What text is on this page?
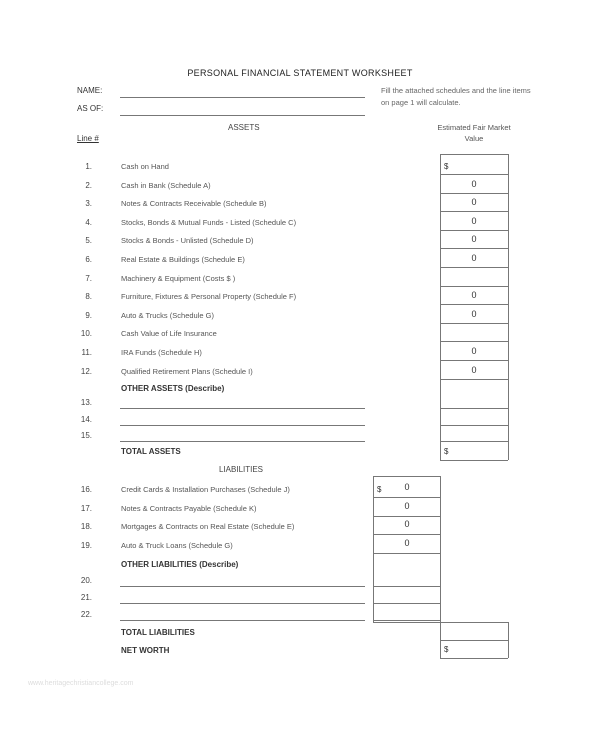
PERSONAL FINANCIAL STATEMENT WORKSHEET
NAME:
AS OF:
Fill the attached schedules and the line items on page 1 will calculate.
Line #
ASSETS	Estimated Fair Market Value
1.	Cash on Hand	$
2.	Cash in Bank (Schedule A)	0
3.	Notes & Contracts Receivable (Schedule B)	0
4.	Stocks, Bonds & Mutual Funds - Listed (Schedule C)	0
5.	Stocks & Bonds - Unlisted (Schedule D)	0
6.	Real Estate & Buildings (Schedule E)	0
7.	Machinery & Equipment (Costs $ )
8.	Furniture, Fixtures & Personal Property (Schedule F)	0
9.	Auto & Trucks (Schedule G)	0
10.	Cash Value of Life Insurance
11.	IRA Funds (Schedule H)	0
12.	Qualified Retirement Plans (Schedule I)	0
OTHER ASSETS (Describe)
13.
14.
15.
TOTAL ASSETS	$
LIABILITIES
16.	Credit Cards & Installation Purchases (Schedule J)	$	0
17.	Notes & Contracts Payable (Schedule K)	0
18.	Mortgages & Contracts on Real Estate (Schedule E)	0
19.	Auto & Truck Loans (Schedule G)	0
OTHER LIABILITIES (Describe)
20.
21.
22.
TOTAL LIABILITIES
NET WORTH	$
www.heritagechristiancollege.com
